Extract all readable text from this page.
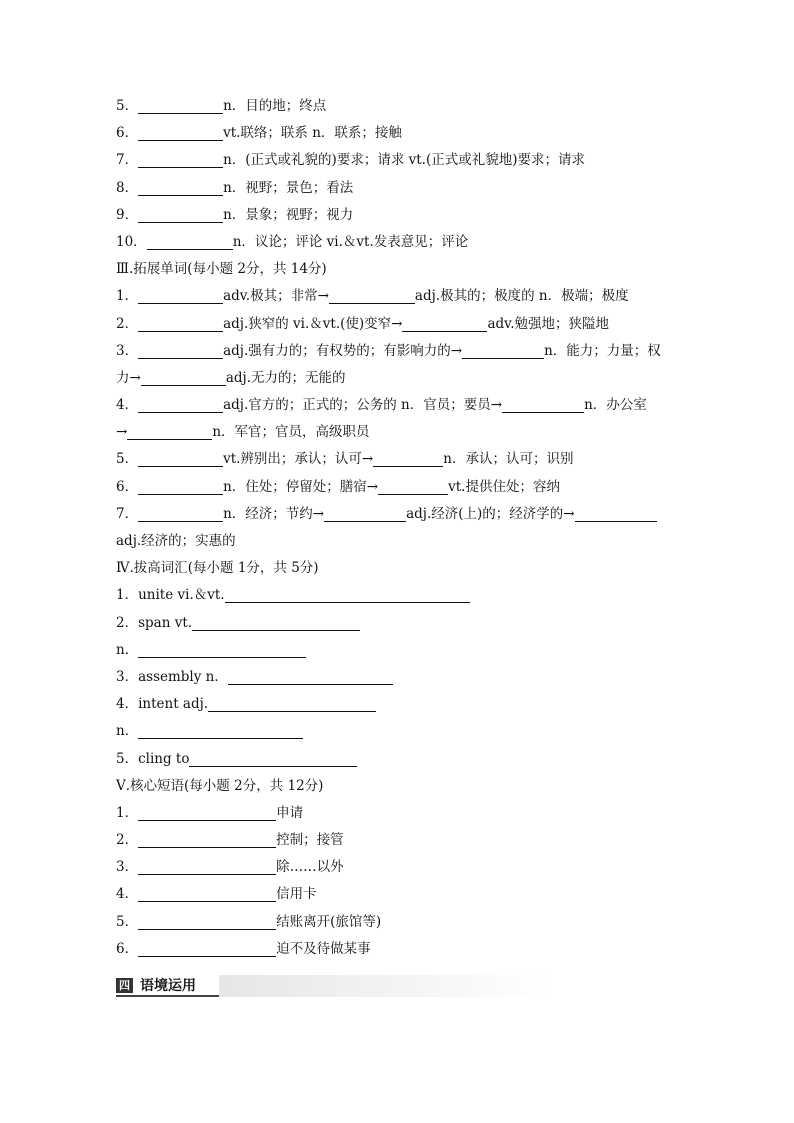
5．	n．目的地；终点
6．	vt.联络；联系 n．联系；接触
7．	n．(正式或礼貌的)要求；请求 vt.(正式或礼貌地)要求；请求
8．	n．视野；景色；看法
9．	n．景象；视野；视力
10．	n．议论；评论 vi.＆vt.发表意见；评论
Ⅲ.拓展单词(每小题 2分，共 14分)
1．	adv.极其；非常→	adj.极其的；极度的 n．极端；极度
2．	adj.狭窄的 vi.＆vt.(使)变窄→	adv.勉强地；狭隘地
3．	adj.强有力的；有权势的；有影响力的→	n．能力；力量；权
力→	adj.无力的；无能的
4．	adj.官方的；正式的；公务的 n．官员；要员→	n．办公室
→	n．军官；官员，高级职员
5．	vt.辨别出；承认；认可→	n．承认；认可；识别
6．	n．住处；停留处；膳宿→	vt.提供住处；容纳
7．	n．经济；节约→	adj.经济(上)的；经济学的→
adj.经济的；实惠的
Ⅳ.拔高词汇(每小题 1分，共 5分)
1．unite vi.＆vt.
2．span vt.
n．
3．assembly n．
4．intent adj.
n．
5．cling to
Ⅴ.核心短语(每小题 2分，共 12分)
1．	申请
2．	控制；接管
3．	除……以外
4．	信用卡
5．	结账离开(旅馆等)
6．	迫不及待做某事
四 语境运用
